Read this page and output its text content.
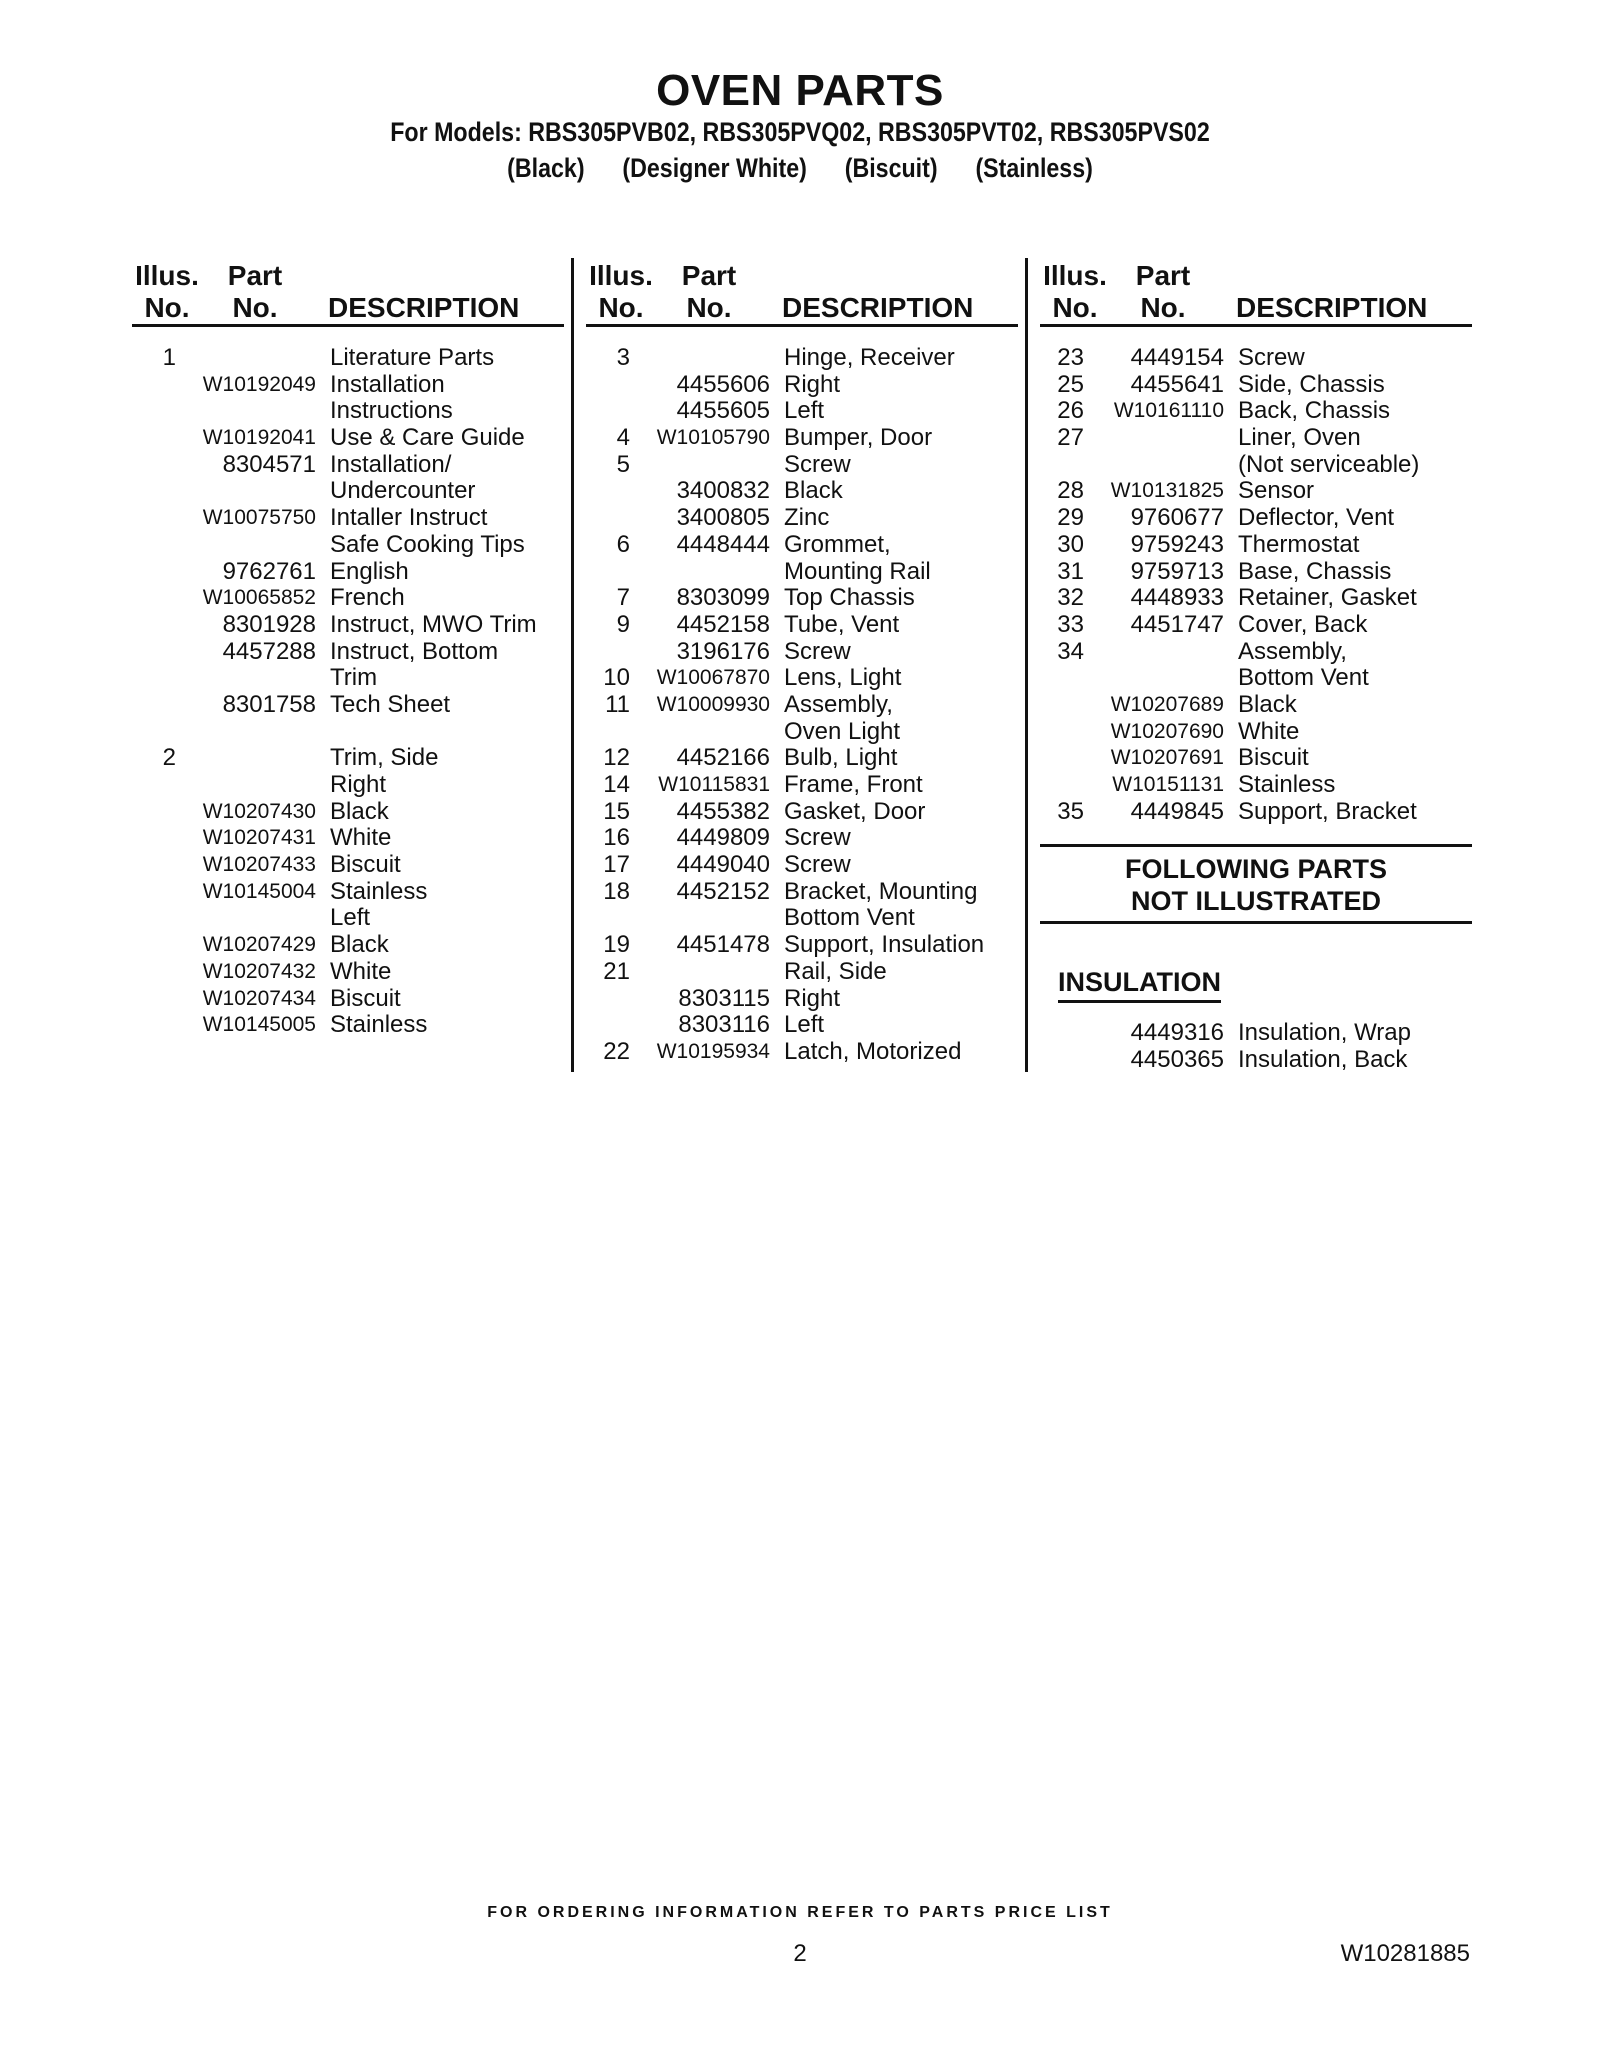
OVEN PARTS
For Models: RBS305PVB02, RBS305PVQ02, RBS305PVT02, RBS305PVS02
(Black) (Designer White) (Biscuit) (Stainless)
Illus.
No.
Part
No.	DESCRIPTION
1	Literature Parts
W10192049 Installation
Instructions
W10192041 Use & Care Guide
8304571 Installation/
Undercounter
W10075750 Intaller Instruct
Safe Cooking Tips
9762761 English
W10065852 French
8301928 Instruct, MWO Trim
4457288 Instruct, Bottom
Trim
8301758 Tech Sheet
2	Trim, Side
Right
W10207430 Black
W10207431 White
W10207433 Biscuit
W10145004 Stainless
Left
W10207429 Black
W10207432 White
W10207434 Biscuit
W10145005 Stainless
Illus.
No.
Part
No.	DESCRIPTION
3	Hinge, Receiver
4455606 Right
4455605 Left
4	W10105790 Bumper, Door
5	Screw
3400832 Black
3400805 Zinc
6	4448444 Grommet,
Mounting Rail
7	8303099 Top Chassis
9	4452158 Tube, Vent
3196176 Screw
10	W10067870 Lens, Light
11	W10009930 Assembly,
Oven Light
12	4452166 Bulb, Light
14	W10115831 Frame, Front
15	4455382 Gasket, Door
16	4449809 Screw
17	4449040 Screw
18	4452152 Bracket, Mounting
Bottom Vent
19	4451478 Support, Insulation
21	Rail, Side
8303115 Right
8303116 Left
22	W10195934 Latch, Motorized
Illus.
No.
Part
No.	DESCRIPTION
23	4449154 Screw
25	4455641 Side, Chassis
26	W10161110 Back, Chassis
27	Liner, Oven
(Not serviceable)
28	W10131825 Sensor
29	9760677 Deflector, Vent
30	9759243 Thermostat
31	9759713 Base, Chassis
32	4448933 Retainer, Gasket
33	4451747 Cover, Back
34	Assembly,
Bottom Vent
W10207689 Black
W10207690 White
W10207691 Biscuit
W10151131 Stainless
35	4449845 Support, Bracket
FOLLOWING PARTS
NOT ILLUSTRATED
INSULATION
4449316 Insulation, Wrap
4450365 Insulation, Back
FOR ORDERING INFORMATION REFER TO PARTS PRICE LIST
2	W10281885
